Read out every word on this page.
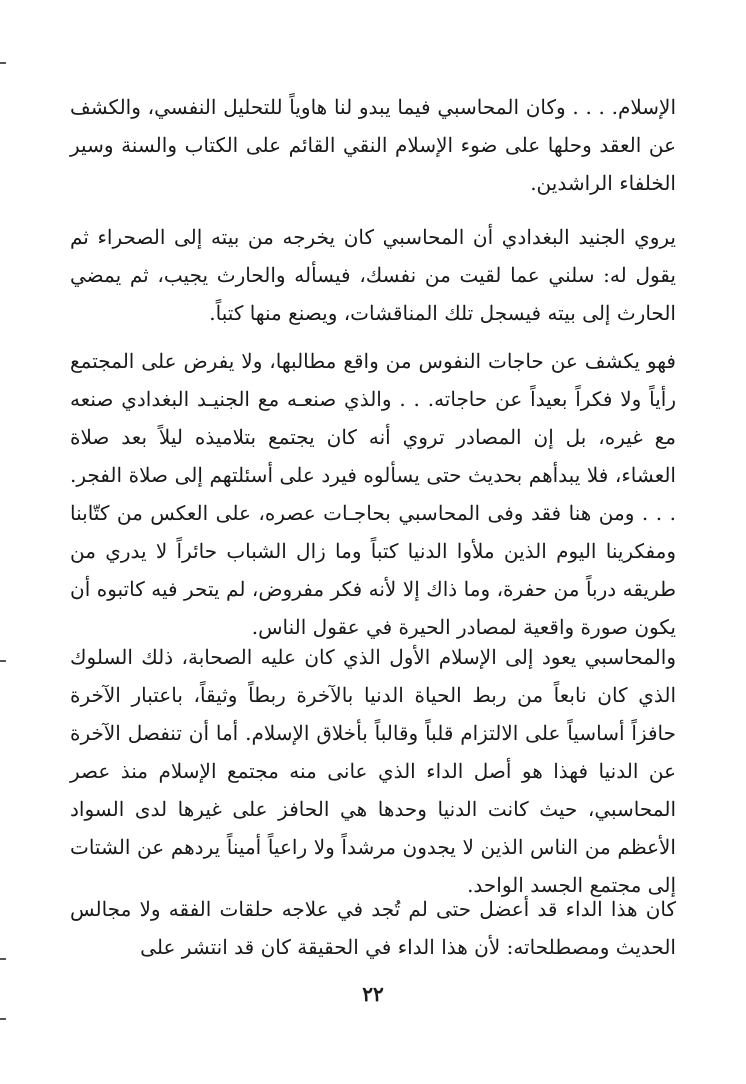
الإسلام. . . . وكان المحاسبي فيما يبدو لنا هاوياً للتحليل النفسي، والكشف عن العقد وحلها على ضوء الإسلام النقي القائم على الكتاب والسنة وسير الخلفاء الراشدين.

يروي الجنيد البغدادي أن المحاسبي كان يخرجه من بيته إلى الصحراء ثم يقول له: سلني عما لقيت من نفسك، فيسأله والحارث يجيب، ثم يمضي الحارث إلى بيته فيسجل تلك المناقشات، ويصنع منها كتباً.

فهو يكشف عن حاجات النفوس من واقع مطالبها، ولا يفرض على المجتمع رأياً ولا فكراً بعيداً عن حاجاته. . . والذي صنعـه مع الجنيـد البغدادي صنعه مع غيره، بل إن المصادر تروي أنه كان يجتمع بتلاميذه ليلاً بعد صلاة العشاء، فلا يبدأهم بحديث حتى يسألوه فيرد على أسئلتهم إلى صلاة الفجر. . . . ومن هنا فقد وفى المحاسبي بحاجـات عصره، على العكس من كتّابنا ومفكرينا اليوم الذين ملأوا الدنيا كتباً وما زال الشباب حائراً لا يدري من طريقه درباً من حفرة، وما ذاك إلا لأنه فكر مفروض، لم يتحر فيه كاتبوه أن يكون صورة واقعية لمصادر الحيرة في عقول الناس.

والمحاسبي يعود إلى الإسلام الأول الذي كان عليه الصحابة، ذلك السلوك الذي كان نابعاً من ربط الحياة الدنيا بالآخرة ربطاً وثيقاً، باعتبار الآخرة حافزاً أساسياً على الالتزام قلباً وقالباً بأخلاق الإسلام. أما أن تنفصل الآخرة عن الدنيا فهذا هو أصل الداء الذي عانى منه مجتمع الإسلام منذ عصر المحاسبي، حيث كانت الدنيا وحدها هي الحافز على غيرها لدى السواد الأعظم من الناس الذين لا يجدون مرشداً ولا راعياً أميناً يردهم عن الشتات إلى مجتمع الجسد الواحد.

كان هذا الداء قد أعضل حتى لم تُجد في علاجه حلقات الفقه ولا مجالس الحديث ومصطلحاته: لأن هذا الداء في الحقيقة كان قد انتشر على

٢٢
